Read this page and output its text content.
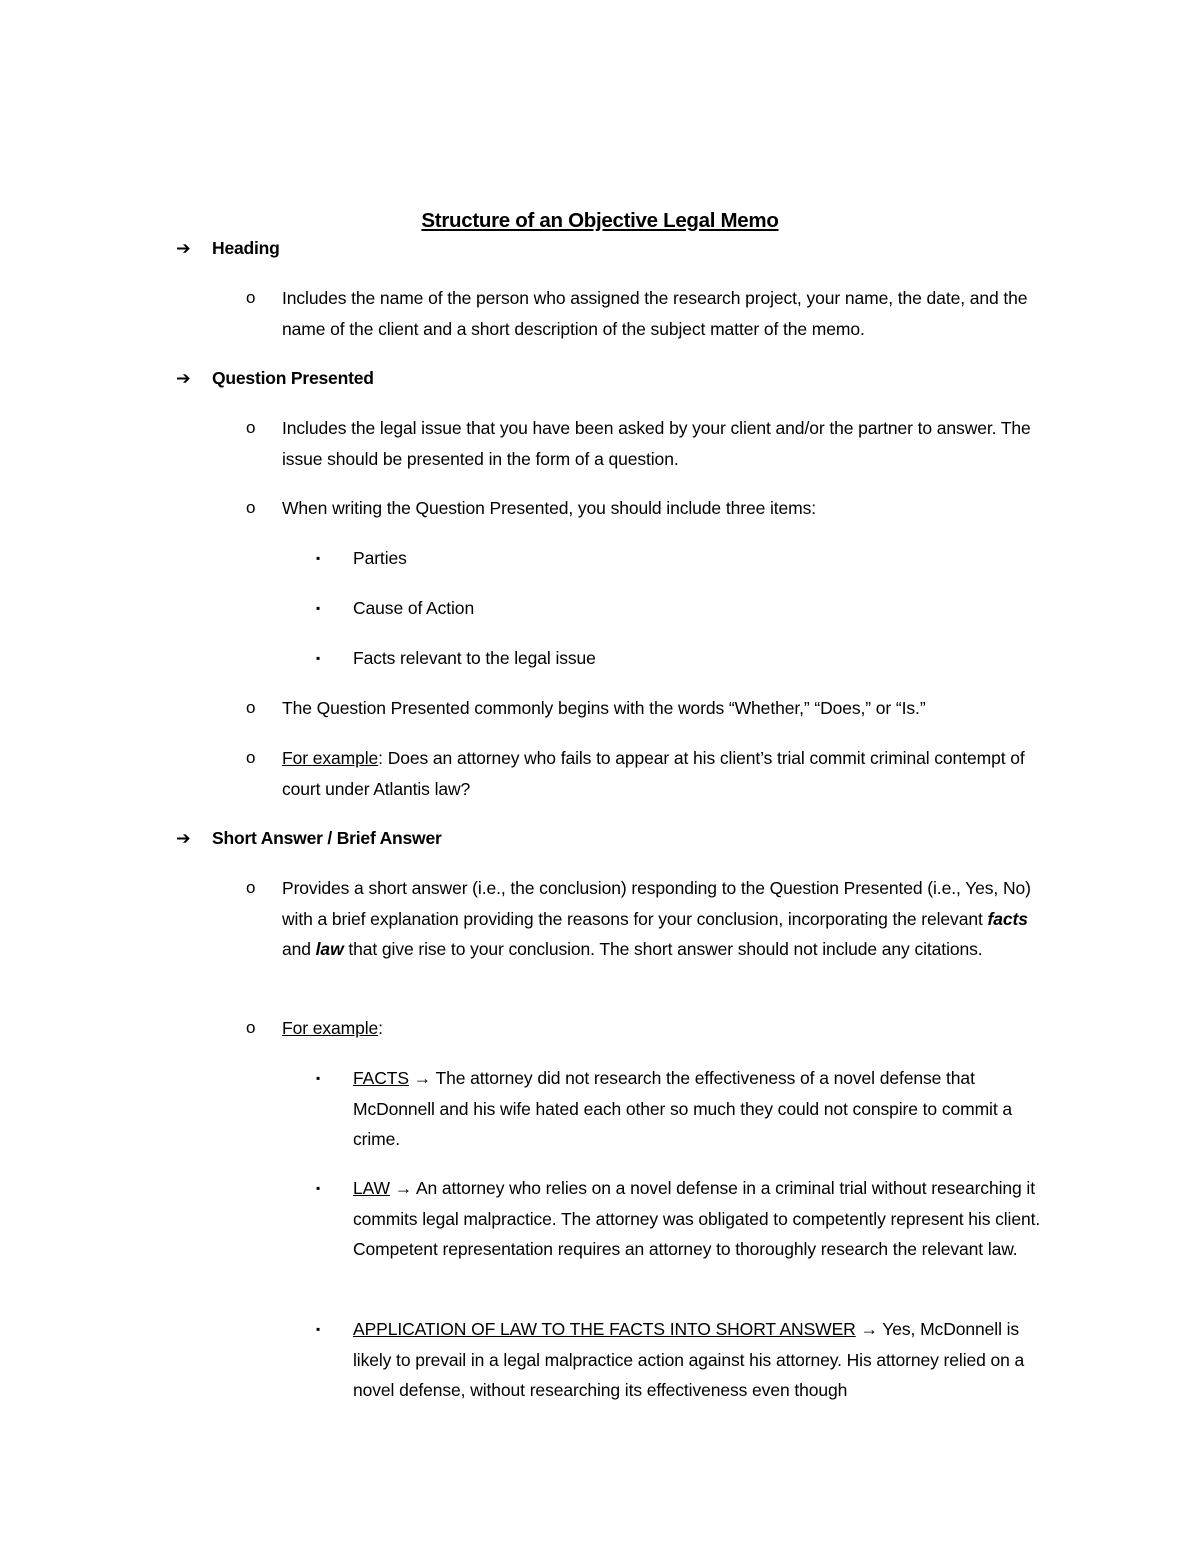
Structure of an Objective Legal Memo
➔ Heading
o Includes the name of the person who assigned the research project, your name, the date, and the name of the client and a short description of the subject matter of the memo.
➔ Question Presented
o Includes the legal issue that you have been asked by your client and/or the partner to answer. The issue should be presented in the form of a question.
o When writing the Question Presented, you should include three items:
▪ Parties
▪ Cause of Action
▪ Facts relevant to the legal issue
o The Question Presented commonly begins with the words “Whether,” “Does,” or “Is.”
o For example: Does an attorney who fails to appear at his client’s trial commit criminal contempt of court under Atlantis law?
➔ Short Answer / Brief Answer
o Provides a short answer (i.e., the conclusion) responding to the Question Presented (i.e., Yes, No) with a brief explanation providing the reasons for your conclusion, incorporating the relevant facts and law that give rise to your conclusion. The short answer should not include any citations.
o For example:
▪ FACTS → The attorney did not research the effectiveness of a novel defense that McDonnell and his wife hated each other so much they could not conspire to commit a crime.
▪ LAW → An attorney who relies on a novel defense in a criminal trial without researching it commits legal malpractice. The attorney was obligated to competently represent his client. Competent representation requires an attorney to thoroughly research the relevant law.
▪ APPLICATION OF LAW TO THE FACTS INTO SHORT ANSWER → Yes, McDonnell is likely to prevail in a legal malpractice action against his attorney. His attorney relied on a novel defense, without researching its effectiveness even though
